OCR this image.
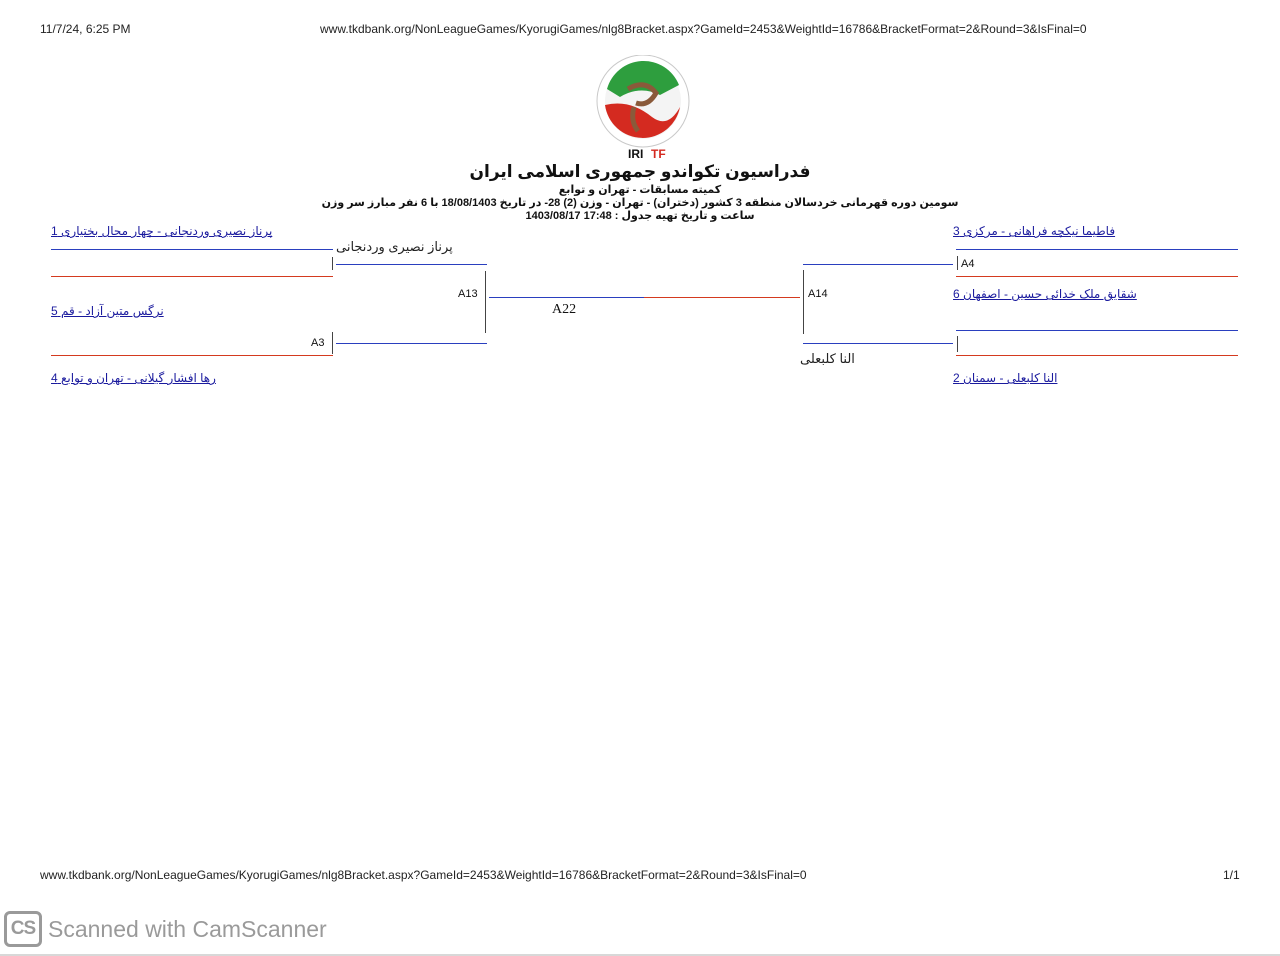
11/7/24, 6:25 PM	www.tkdbank.org/NonLeagueGames/KyorugiGames/nlg8Bracket.aspx?GameId=2453&WeightId=16786&BracketFormat=2&Round=3&IsFinal=0
IRI TF
فدراسیون تکواندو جمهوری اسلامی ایران
کمیته مسابقات - تهران و توابع
سومین دوره قهرمانی خردسالان منطقه 3 کشور (دختران) - تهران - وزن (2) 28- در تاریخ 18/08/1403 با 6 نفر مبارز سر وزن
ساعت و تاریخ تهیه جدول : 17:48 1403/08/17
پرناز نصیری وردنجانی - چهار محال بختیاری 1
پرناز نصیری وردنجانی
A13
نرگس متین آزاد - قم 5
A3
رها افشار گیلانی - تهران و توابع 4
A22
فاطیما نیکچه فراهانی - مرکزی 3
A4
A14	شقایق ملک خدائی حسین - اصفهان 6
النا کلبعلی
النا کلبعلی - سمنان 2
www.tkdbank.org/NonLeagueGames/KyorugiGames/nlg8Bracket.aspx?GameId=2453&WeightId=16786&BracketFormat=2&Round=3&IsFinal=0	1/1
CS Scanned with CamScanner
